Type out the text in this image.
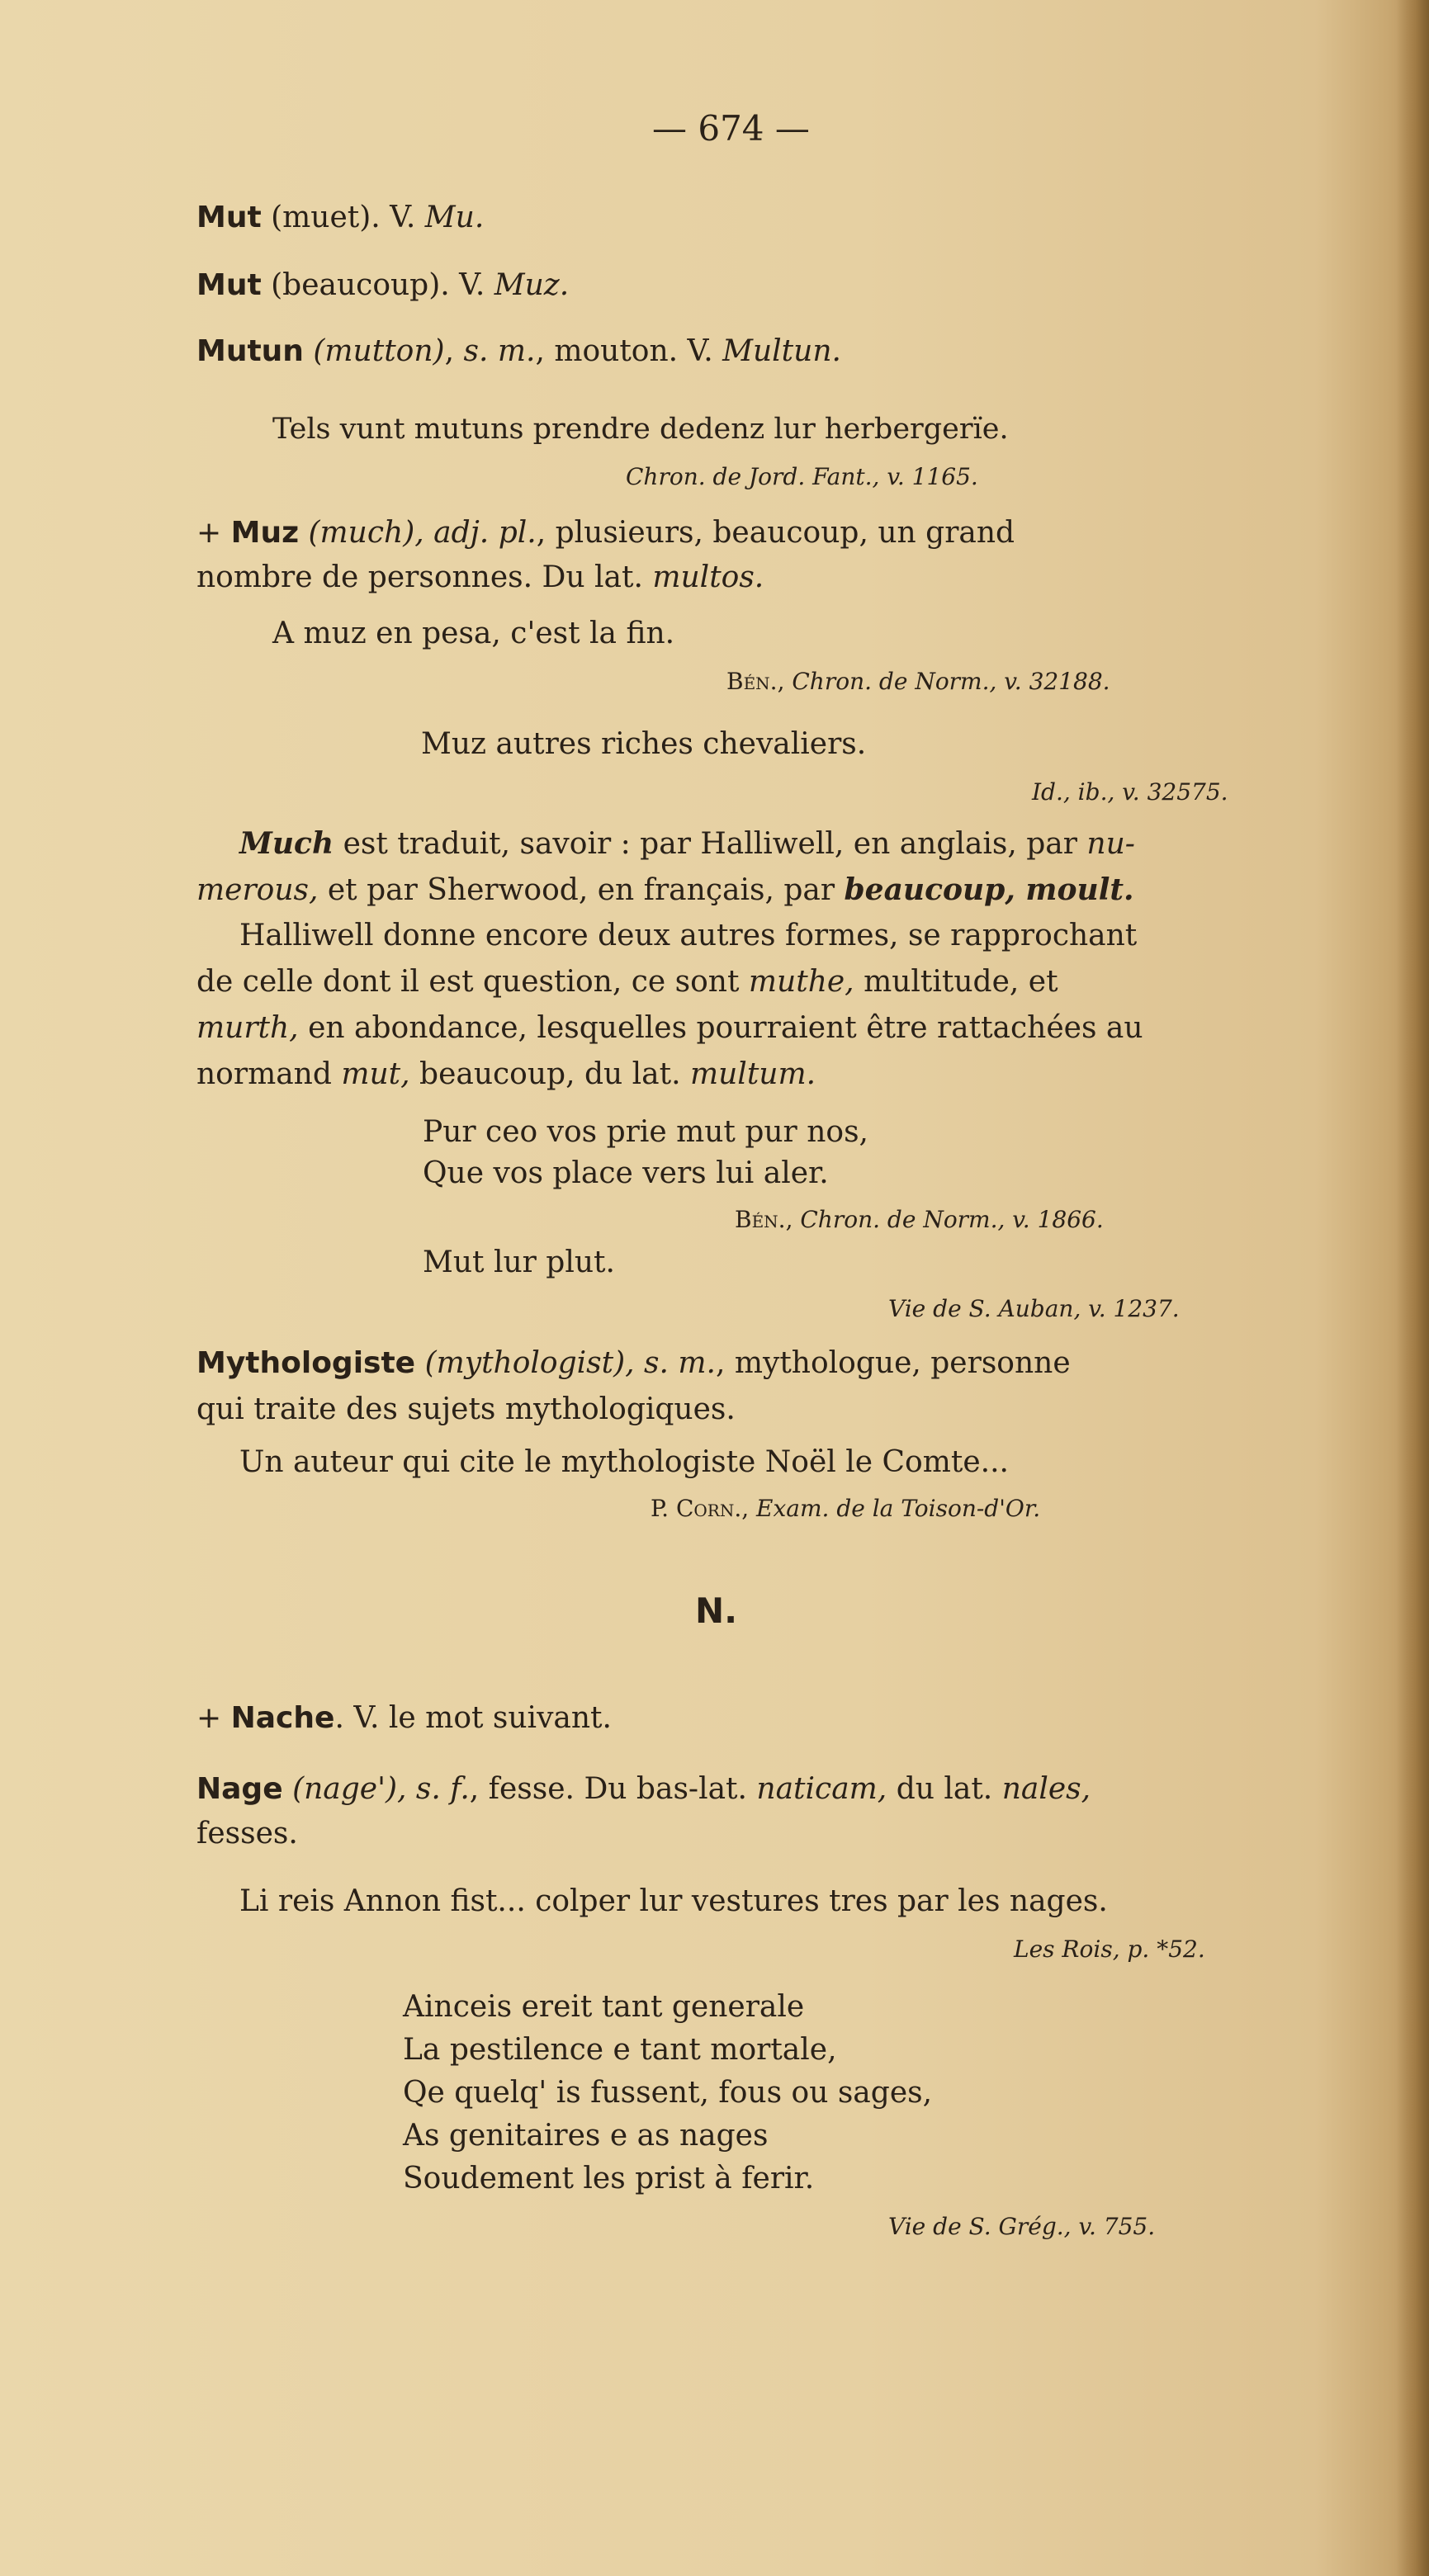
— 674 —
Mut (muet). V. Mu.
Mut (beaucoup). V. Muz.
Mutun (mutton), s. m., mouton. V. Multun.
Tels vunt mutuns prendre dedenz lur herbergerïe.
Chron. de Jord. Fant., v. 1165.
+ Muz (much), adj. pl., plusieurs, beaucoup, un grand
nombre de personnes. Du lat. multos.
A muz en pesa, c'est la fin.
Bén., Chron. de Norm., v. 32188.
Muz autres riches chevaliers.
Id., ib., v. 32575.
Much est traduit, savoir : par Halliwell, en anglais, par nu-
merous, et par Sherwood, en français, par beaucoup, moult.
Halliwell donne encore deux autres formes, se rapprochant
de celle dont il est question, ce sont muthe, multitude, et
murth, en abondance, lesquelles pourraient être rattachées au
normand mut, beaucoup, du lat. multum.
Pur ceo vos prie mut pur nos,
Que vos place vers lui aler.
Bén., Chron. de Norm., v. 1866.
Mut lur plut.
Vie de S. Auban, v. 1237.
Mythologiste (mythologist), s. m., mythologue, personne
qui traite des sujets mythologiques.
Un auteur qui cite le mythologiste Noël le Comte...
P. Corn., Exam. de la Toison-d'Or.
N.
+ Nache. V. le mot suivant.
Nage (nage'), s. f., fesse. Du bas-lat. naticam, du lat. nales,
fesses.
Li reis Annon fist... colper lur vestures tres par les nages.
Les Rois, p. *52.
Ainceis ereit tant generale
La pestilence e tant mortale,
Qe quelq' is fussent, fous ou sages,
As genitaires e as nages
Soudement les prist à ferir.
Vie de S. Grég., v. 755.
